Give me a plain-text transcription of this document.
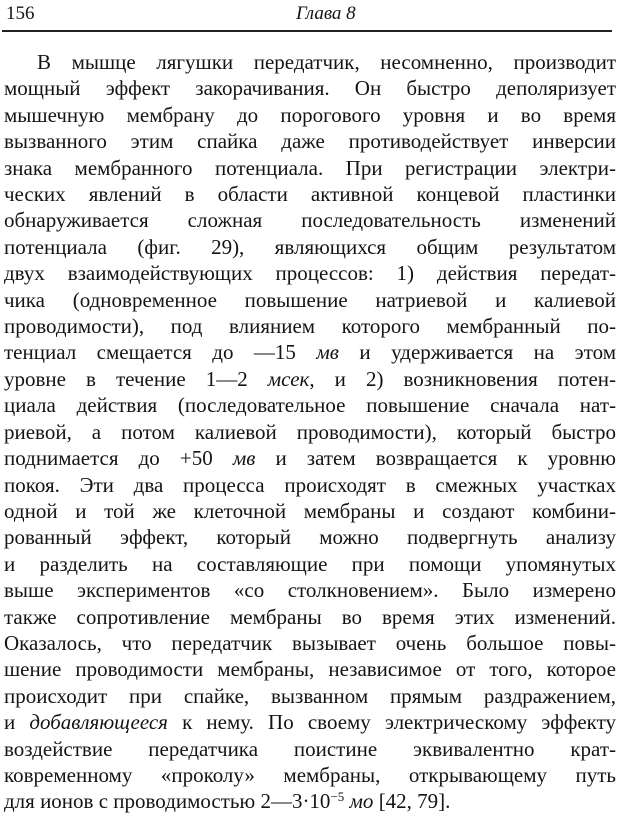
156	Глава 8
В мышце лягушки передатчик, несомненно, производит
мощный эффект закорачивания. Он быстро деполяризует
мышечную мембрану до порогового уровня и во время
вызванного этим спайка даже противодействует инверсии
знака мембранного потенциала. При регистрации электри-
ческих явлений в области активной концевой пластинки
обнаруживается сложная последовательность изменений
потенциала (фиг. 29), являющихся общим результатом
двух взаимодействующих процессов: 1) действия передат-
чика (одновременное повышение натриевой и калиевой
проводимости), под влиянием которого мембранный по-
тенциал смещается до —15 мв и удерживается на этом
уровне в течение 1—2 мсек, и 2) возникновения потен-
циала действия (последовательное повышение сначала нат-
риевой, а потом калиевой проводимости), который быстро
поднимается до +50 мв и затем возвращается к уровню
покоя. Эти два процесса происходят в смежных участках
одной и той же клеточной мембраны и создают комбини-
рованный эффект, который можно подвергнуть анализу
и разделить на составляющие при помощи упомянутых
выше экспериментов «со столкновением». Было измерено
также сопротивление мембраны во время этих изменений.
Оказалось, что передатчик вызывает очень большое повы-
шение проводимости мембраны, независимое от того, которое
происходит при спайке, вызванном прямым раздражением,
и добавляющееся к нему. По своему электрическому эффекту
воздействие передатчика поистине эквивалентно крат-
ковременному «проколу» мембраны, открывающему путь
для ионов с проводимостью $2—3\cdot 10^{-5}$ мо [42, 79].
